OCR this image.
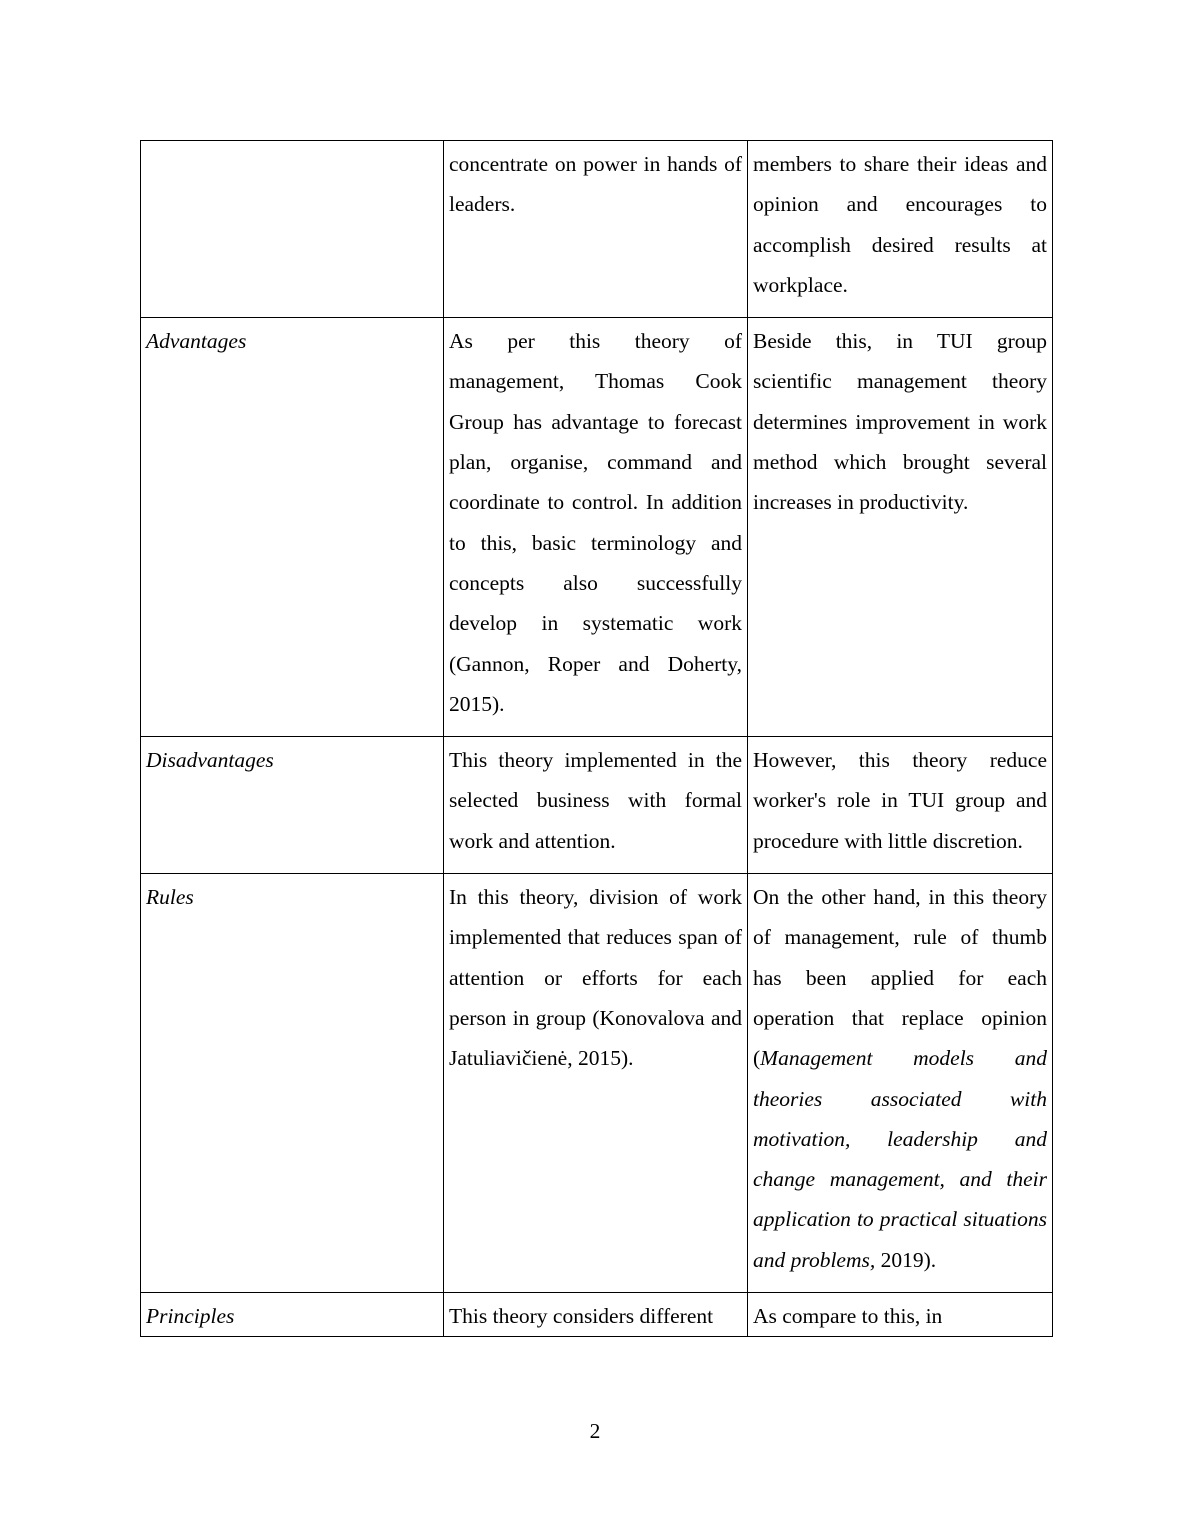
	concentrate on power in hands of leaders.	members to share their ideas and opinion and encourages to accomplish desired results at workplace.
Advantages	As per this theory of management, Thomas Cook Group has advantage to forecast plan, organise, command and coordinate to control. In addition to this, basic terminology and concepts also successfully develop in systematic work (Gannon, Roper and Doherty, 2015).	Beside this, in TUI group scientific management theory determines improvement in work method which brought several increases in productivity.
Disadvantages	This theory implemented in the selected business with formal work and attention.	However, this theory reduce worker's role in TUI group and procedure with little discretion.
Rules	In this theory, division of work implemented that reduces span of attention or efforts for each person in group (Konovalova and Jatuliavičienė, 2015).	On the other hand, in this theory of management, rule of thumb has been applied for each operation that replace opinion (Management models and theories associated with motivation, leadership and change management, and their application to practical situations and problems, 2019).
Principles	This theory considers different	As compare to this, in
2
